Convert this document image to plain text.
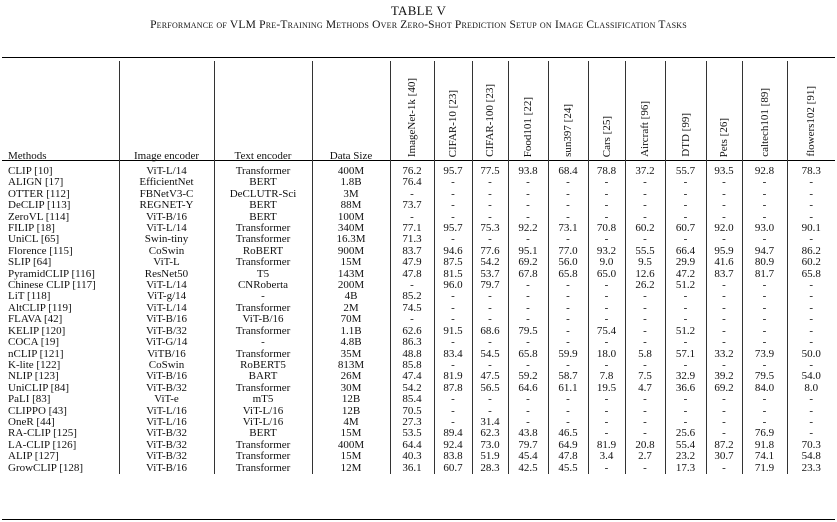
TABLE V
Performance of VLM Pre-Training Methods Over Zero-Shot Prediction Setup on Image Classification Tasks
Methods	Image encoder	Text encoder	Data Size	ImageNet-1k [40]	CIFAR-10 [23]	CIFAR-100 [23]	Food101 [22]	sun397 [24]	Cars [25]	Aircraft [96]	DTD [99]	Pets [26]	caltech101 [89]	flowers102 [91]
CLIP [10]	ViT-L/14	Transformer	400M	76.2	95.7	77.5	93.8	68.4	78.8	37.2	55.7	93.5	92.8	78.3
ALIGN [17]	EfficientNet	BERT	1.8B	76.4	-	-	-	-	-	-	-	-	-	-
OTTER [112]	FBNetV3-C	DeCLUTR-Sci	3M	-	-	-	-	-	-	-	-	-	-	-
DeCLIP [113]	REGNET-Y	BERT	88M	73.7	-	-	-	-	-	-	-	-	-	-
ZeroVL [114]	ViT-B/16	BERT	100M	-	-	-	-	-	-	-	-	-	-	-
FILIP [18]	ViT-L/14	Transformer	340M	77.1	95.7	75.3	92.2	73.1	70.8	60.2	60.7	92.0	93.0	90.1
UniCL [65]	Swin-tiny	Transformer	16.3M	71.3	-	-	-	-	-	-	-	-	-	-
Florence [115]	CoSwin	RoBERT	900M	83.7	94.6	77.6	95.1	77.0	93.2	55.5	66.4	95.9	94.7	86.2
SLIP [64]	ViT-L	Transformer	15M	47.9	87.5	54.2	69.2	56.0	9.0	9.5	29.9	41.6	80.9	60.2
PyramidCLIP [116]	ResNet50	T5	143M	47.8	81.5	53.7	67.8	65.8	65.0	12.6	47.2	83.7	81.7	65.8
Chinese CLIP [117]	ViT-L/14	CNRoberta	200M	-	96.0	79.7	-	-	-	26.2	51.2	-	-	-
LiT [118]	ViT-g/14	-	4B	85.2	-	-	-	-	-	-	-	-	-	-
AltCLIP [119]	ViT-L/14	Transformer	2M	74.5	-	-	-	-	-	-	-	-	-	-
FLAVA [42]	ViT-B/16	ViT-B/16	70M	-	-	-	-	-	-	-	-	-	-	-
KELIP [120]	ViT-B/32	Transformer	1.1B	62.6	91.5	68.6	79.5	-	75.4	-	51.2	-	-	-
COCA [19]	ViT-G/14	-	4.8B	86.3	-	-	-	-	-	-	-	-	-	-
nCLIP [121]	ViTB/16	Transformer	35M	48.8	83.4	54.5	65.8	59.9	18.0	5.8	57.1	33.2	73.9	50.0
K-lite [122]	CoSwin	RoBERT5	813M	85.8	-	-	-	-	-	-	-	-	-	-
NLIP [123]	ViT-B/16	BART	26M	47.4	81.9	47.5	59.2	58.7	7.8	7.5	32.9	39.2	79.5	54.0
UniCLIP [84]	ViT-B/32	Transformer	30M	54.2	87.8	56.5	64.6	61.1	19.5	4.7	36.6	69.2	84.0	8.0
PaLI [83]	ViT-e	mT5	12B	85.4	-	-	-	-	-	-	-	-	-	-
CLIPPO [43]	ViT-L/16	ViT-L/16	12B	70.5	-	-	-	-	-	-	-	-	-	-
OneR [44]	ViT-L/16	ViT-L/16	4M	27.3	-	31.4	-	-	-	-	-	-	-	-
RA-CLIP [125]	ViT-B/32	BERT	15M	53.5	89.4	62.3	43.8	46.5	-	-	25.6	-	76.9	-
LA-CLIP [126]	ViT-B/32	Transformer	400M	64.4	92.4	73.0	79.7	64.9	81.9	20.8	55.4	87.2	91.8	70.3
ALIP [127]	ViT-B/32	Transformer	15M	40.3	83.8	51.9	45.4	47.8	3.4	2.7	23.2	30.7	74.1	54.8
GrowCLIP [128]	ViT-B/16	Transformer	12M	36.1	60.7	28.3	42.5	45.5	-	-	17.3	-	71.9	23.3
